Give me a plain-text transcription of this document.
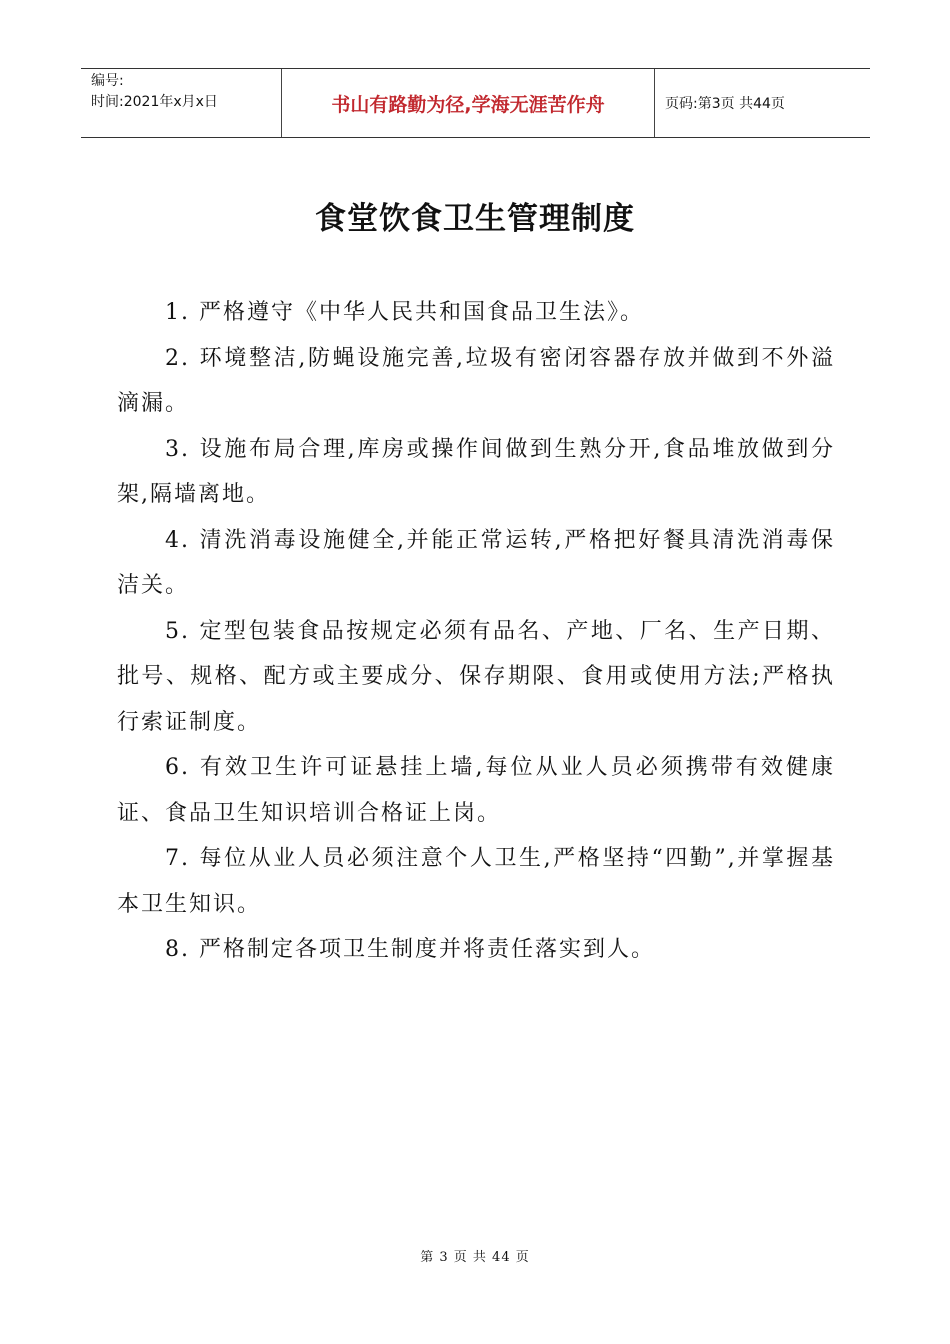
编号:
时间:2021年x月x日	书山有路勤为径,学海无涯苦作舟	页码:第3页 共44页
食堂饮食卫生管理制度

1. 严格遵守《中华人民共和国食品卫生法》。

2. 环境整洁,防蝇设施完善,垃圾有密闭容器存放并做到不外溢滴漏。

3. 设施布局合理,库房或操作间做到生熟分开,食品堆放做到分架,隔墙离地。

4. 清洗消毒设施健全,并能正常运转,严格把好餐具清洗消毒保洁关。

5. 定型包装食品按规定必须有品名、产地、厂名、生产日期、批号、规格、配方或主要成分、保存期限、食用或使用方法;严格执行索证制度。

6. 有效卫生许可证悬挂上墙,每位从业人员必须携带有效健康证、食品卫生知识培训合格证上岗。

7. 每位从业人员必须注意个人卫生,严格坚持“四勤”,并掌握基本卫生知识。

8. 严格制定各项卫生制度并将责任落实到人。

第 3 页 共 44 页
